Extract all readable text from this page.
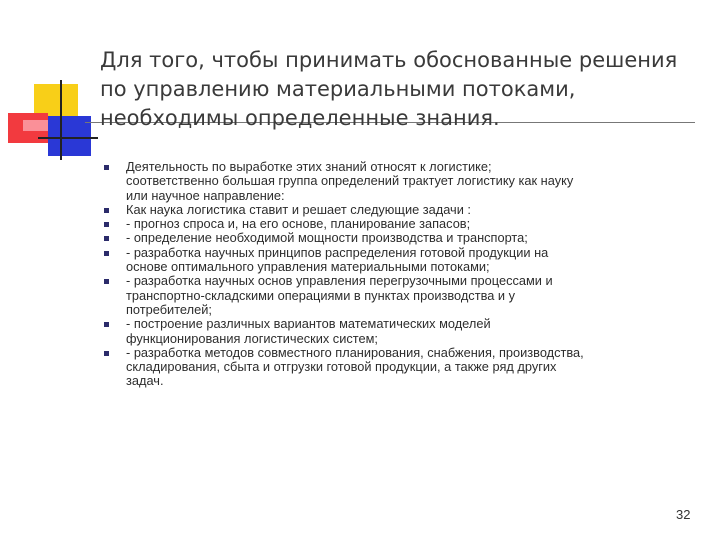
Для того, чтобы принимать обоснованные решения
по управлению материальными потоками,
необходимы определенные знания.
Деятельность по выработке этих знаний относят к логистике;
соответственно большая группа определений трактует логистику как науку
или научное направление:
Как наука логистика ставит и решает следующие задачи :
- прогноз спроса и, на его основе, планирование запасов;
- определение необходимой мощности производства и транспорта;
- разработка научных принципов распределения готовой продукции на
основе оптимального управления материальными потоками;
- разработка научных основ управления перегрузочными процессами и
транспортно-складскими операциями в пунктах производства и у
потребителей;
- построение различных вариантов математических моделей
функционирования логистических систем;
- разработка методов совместного планирования, снабжения, производства,
складирования, сбыта и отгрузки готовой продукции, а также ряд других
задач.
32
